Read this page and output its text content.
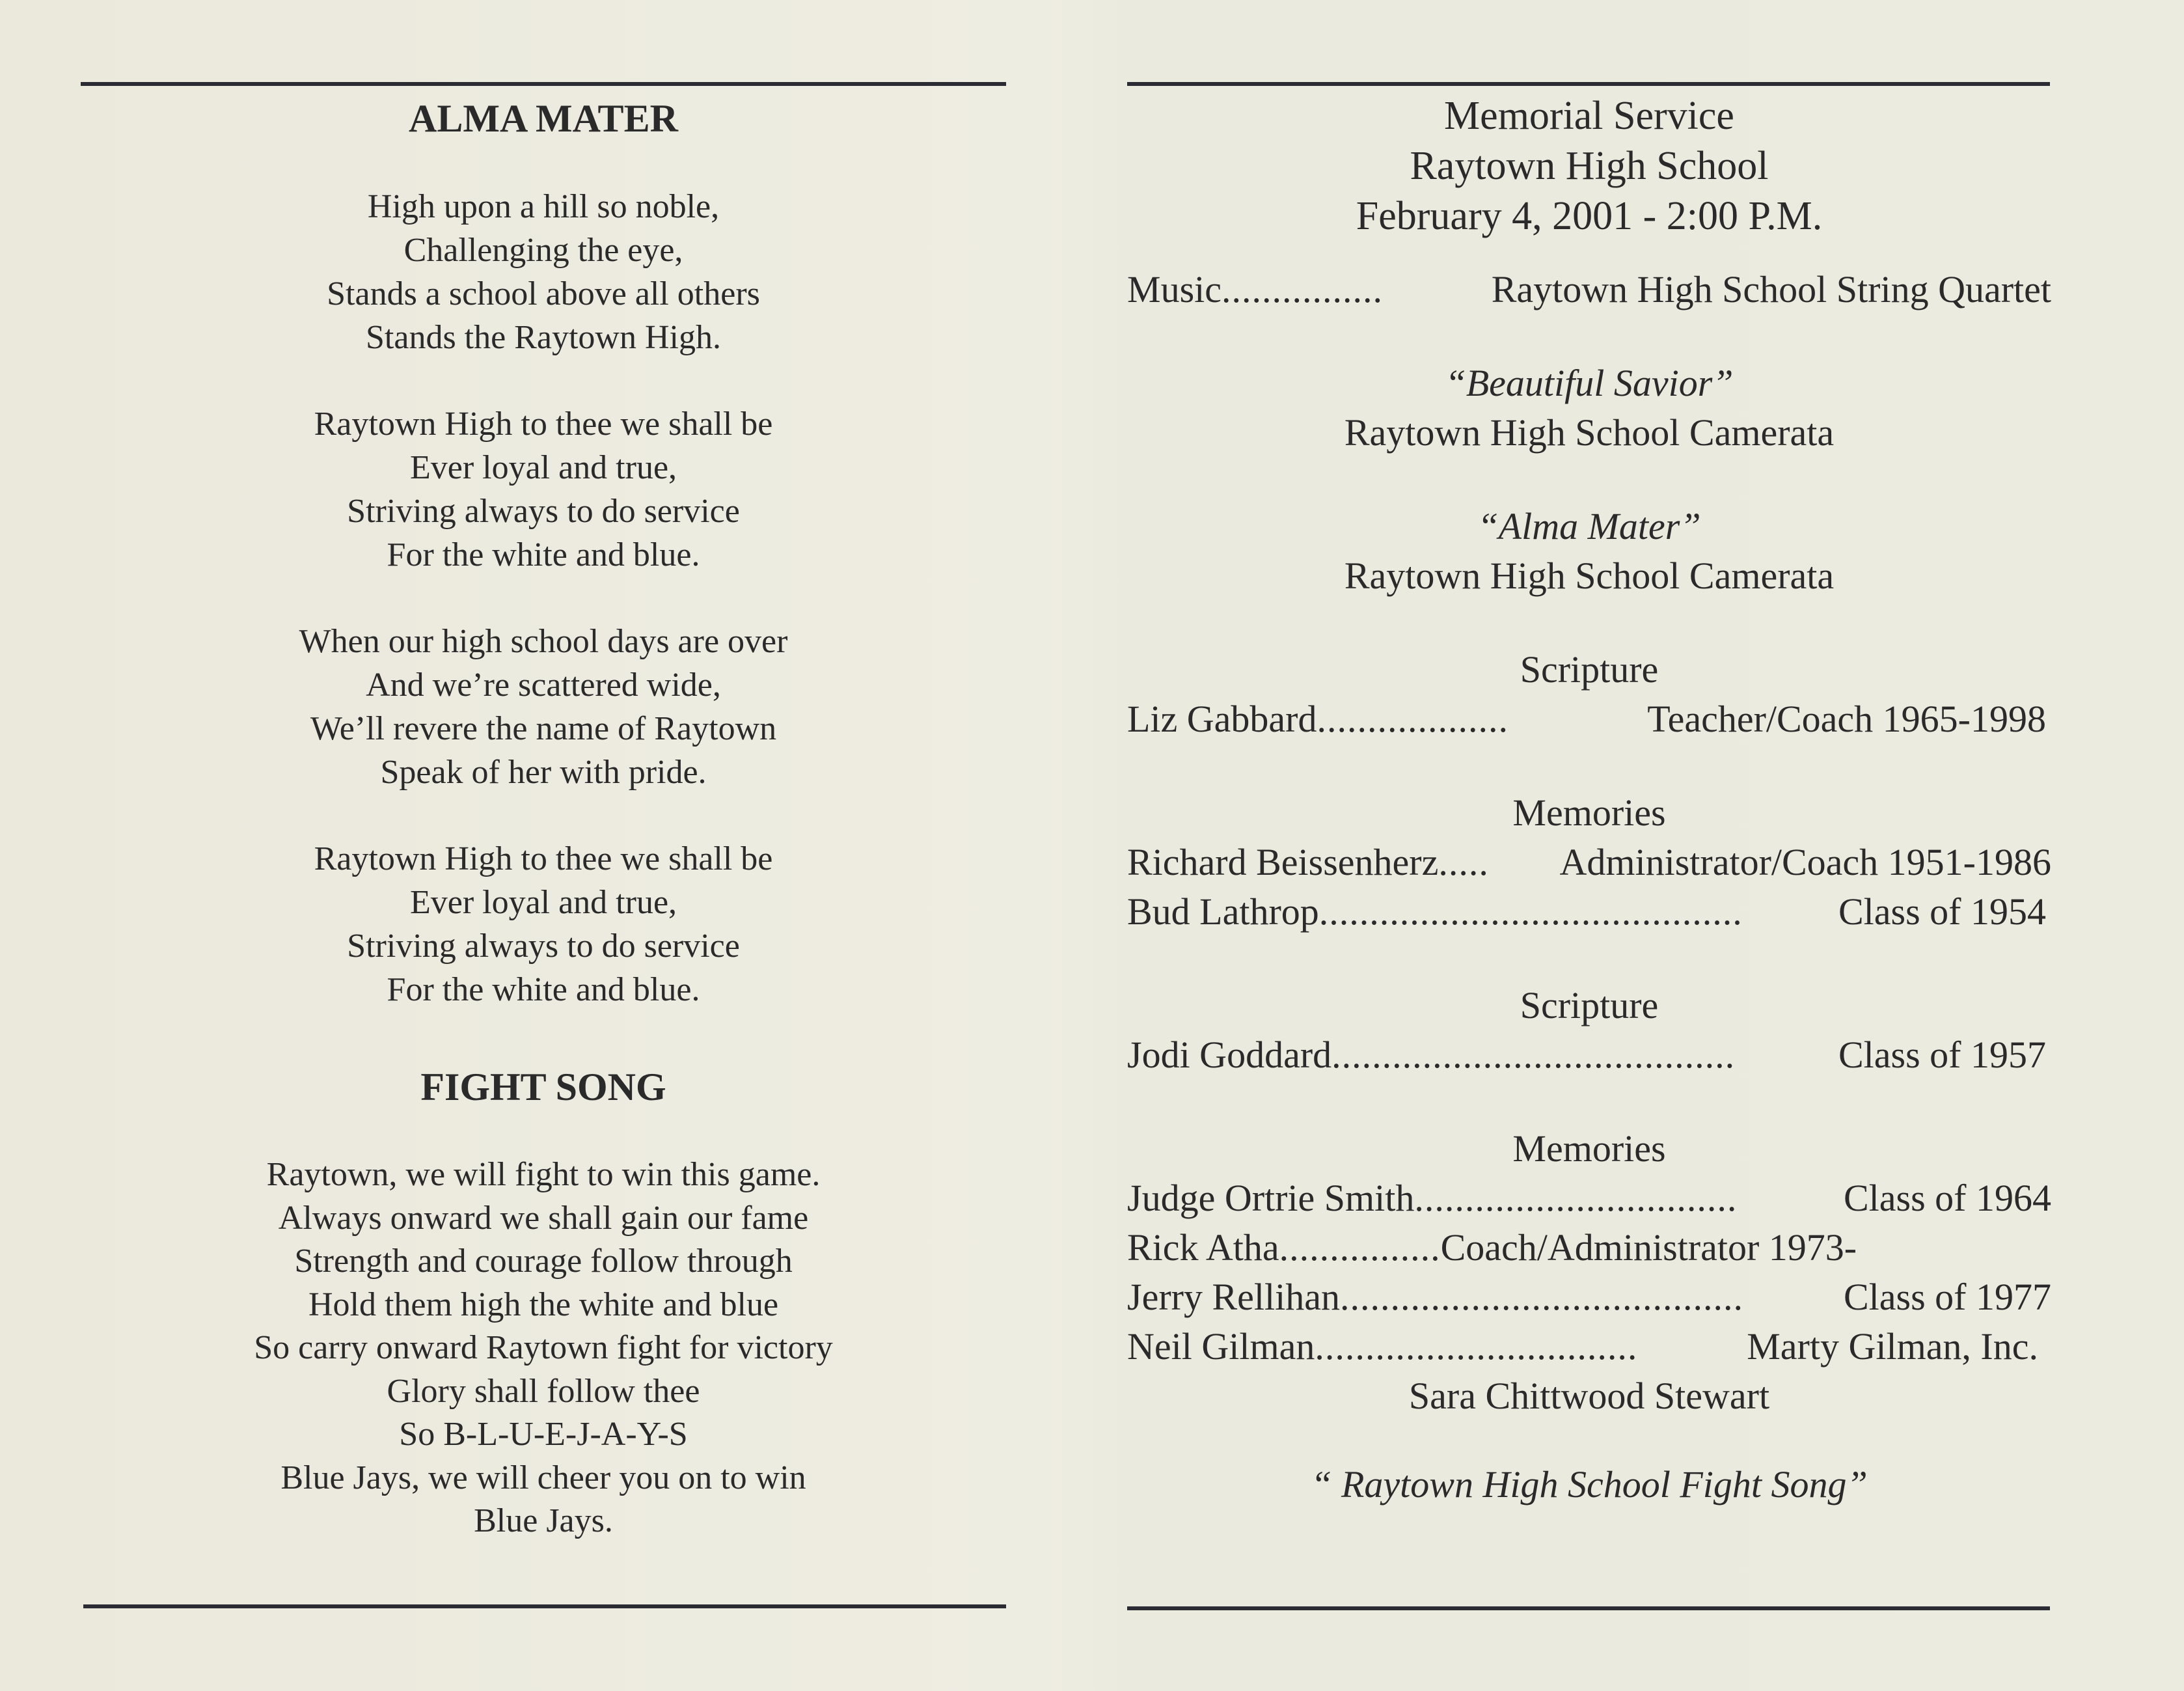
ALMA MATER

High upon a hill so noble,
Challenging the eye,
Stands a school above all others
Stands the Raytown High.

Raytown High to thee we shall be
Ever loyal and true,
Striving always to do service
For the white and blue.

When our high school days are over
And we’re scattered wide,
We’ll revere the name of Raytown
Speak of her with pride.

Raytown High to thee we shall be
Ever loyal and true,
Striving always to do service
For the white and blue.

FIGHT SONG
Raytown, we will fight to win this game.
Always onward we shall gain our fame
Strength and courage follow through
Hold them high the white and blue
So carry onward Raytown fight for victory
Glory shall follow thee
So B-L-U-E-J-A-Y-S
Blue Jays, we will cheer you on to win
Blue Jays.
Memorial Service
Raytown High School
February 4, 2001 - 2:00 P.M.
Music ................	Raytown High School String Quartet
“Beautiful Savior”
Raytown High School Camerata
“Alma Mater”
Raytown High School Camerata
Scripture
Liz Gabbard ...................	Teacher/Coach 1965-1998
Memories
Richard Beissenherz .....	Administrator/Coach 1951-1986
Bud Lathrop ..........................................	Class of 1954
Scripture
Jodi Goddard ........................................	Class of 1957
Memories
Judge Ortrie Smith ................................	Class of 1964
Rick Atha ................ Coach/Administrator 1973-
Jerry Rellihan ........................................	Class of 1977
Neil Gilman ................................	Marty Gilman, Inc.
Sara Chittwood Stewart
“ Raytown High School Fight Song”
